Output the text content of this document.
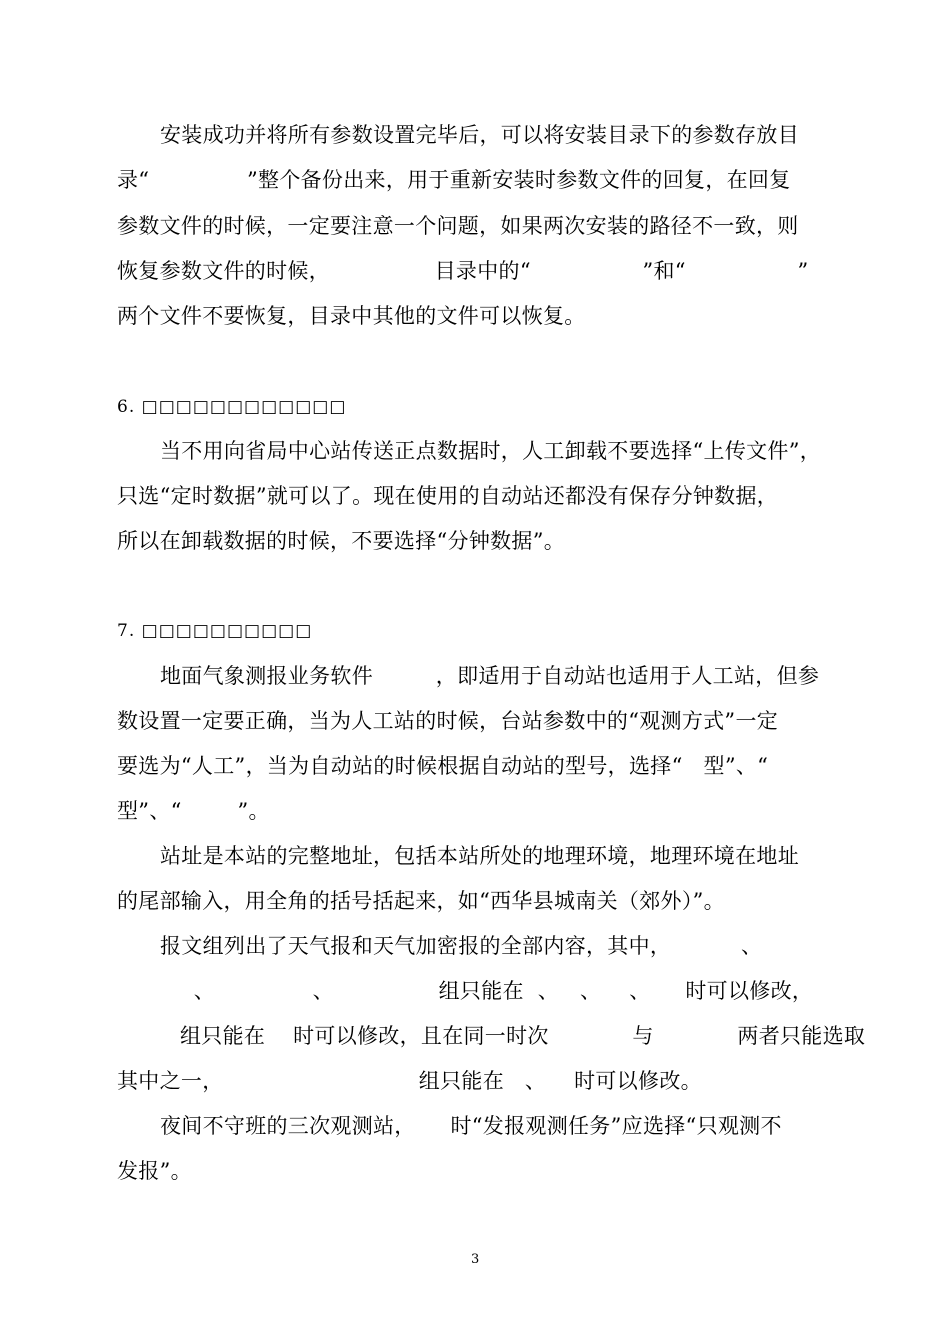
安装成功并将所有参数设置完毕后，可以将安装目录下的参数存放目
录“              ”整个备份出来，用于重新安装时参数文件的回复，在回复
参数文件的时候，一定要注意一个问题，如果两次安装的路径不一致，则
恢复参数文件的时候，               目录中的“                ”和“                ”
两个文件不要恢复，目录中其他的文件可以恢复。
6. □□□□□□□□□□□□
当不用向省局中心站传送正点数据时，人工卸载不要选择“上传文件”，
只选“定时数据”就可以了。现在使用的自动站还都没有保存分钟数据，
所以在卸载数据的时候，不要选择“分钟数据”。
7. □□□□□□□□□□
地面气象测报业务软件         ，即适用于自动站也适用于人工站，但参
数设置一定要正确，当为人工站的时候，台站参数中的“观测方式”一定
要选为“人工”，当为自动站的时候根据自动站的型号，选择“   型”、“
型”、“        ”。
站址是本站的完整地址，包括本站所处的地理环境，地理环境在地址
的尾部输入，用全角的括号括起来，如“西华县城南关（郊外）”。
报文组列出了天气报和天气加密报的全部内容，其中，          、
、              、               组只能在  、   、    、     时可以修改，
组只能在    时可以修改，且在同一时次            与            两者只能选取
其中之一，                            组只能在   、    时可以修改。
夜间不守班的三次观测站，     时“发报观测任务”应选择“只观测不
发报”。
3
